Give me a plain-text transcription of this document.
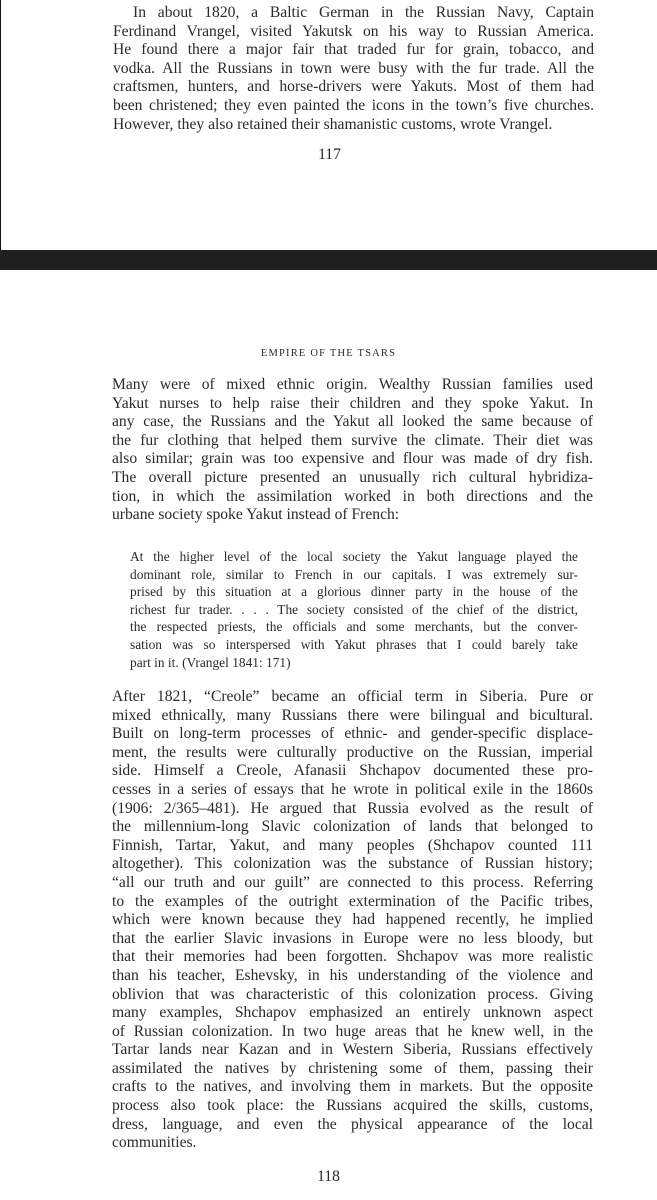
In about 1820, a Baltic German in the Russian Navy, Captain
Ferdinand Vrangel, visited Yakutsk on his way to Russian America.
He found there a major fair that traded fur for grain, tobacco, and
vodka. All the Russians in town were busy with the fur trade. All the
craftsmen, hunters, and horse-drivers were Yakuts. Most of them had
been christened; they even painted the icons in the town’s five churches.
However, they also retained their shamanistic customs, wrote Vrangel.

117
EMPIRE OF THE TSARS

Many were of mixed ethnic origin. Wealthy Russian families used
Yakut nurses to help raise their children and they spoke Yakut. In
any case, the Russians and the Yakut all looked the same because of
the fur clothing that helped them survive the climate. Their diet was
also similar; grain was too expensive and flour was made of dry fish.
The overall picture presented an unusually rich cultural hybridiza-
tion, in which the assimilation worked in both directions and the
urbane society spoke Yakut instead of French:

At the higher level of the local society the Yakut language played the
dominant role, similar to French in our capitals. I was extremely sur-
prised by this situation at a glorious dinner party in the house of the
richest fur trader. . . . The society consisted of the chief of the district,
the respected priests, the officials and some merchants, but the conver-
sation was so interspersed with Yakut phrases that I could barely take
part in it. (Vrangel 1841: 171)

After 1821, “Creole” became an official term in Siberia. Pure or
mixed ethnically, many Russians there were bilingual and bicultural.
Built on long-term processes of ethnic- and gender-specific displace-
ment, the results were culturally productive on the Russian, imperial
side. Himself a Creole, Afanasii Shchapov documented these pro-
cesses in a series of essays that he wrote in political exile in the 1860s
(1906: 2/365–481). He argued that Russia evolved as the result of
the millennium-long Slavic colonization of lands that belonged to
Finnish, Tartar, Yakut, and many peoples (Shchapov counted 111
altogether). This colonization was the substance of Russian history;
“all our truth and our guilt” are connected to this process. Referring
to the examples of the outright extermination of the Pacific tribes,
which were known because they had happened recently, he implied
that the earlier Slavic invasions in Europe were no less bloody, but
that their memories had been forgotten. Shchapov was more realistic
than his teacher, Eshevsky, in his understanding of the violence and
oblivion that was characteristic of this colonization process. Giving
many examples, Shchapov emphasized an entirely unknown aspect
of Russian colonization. In two huge areas that he knew well, in the
Tartar lands near Kazan and in Western Siberia, Russians effectively
assimilated the natives by christening some of them, passing their
crafts to the natives, and involving them in markets. But the opposite
process also took place: the Russians acquired the skills, customs,
dress, language, and even the physical appearance of the local
communities.

118
